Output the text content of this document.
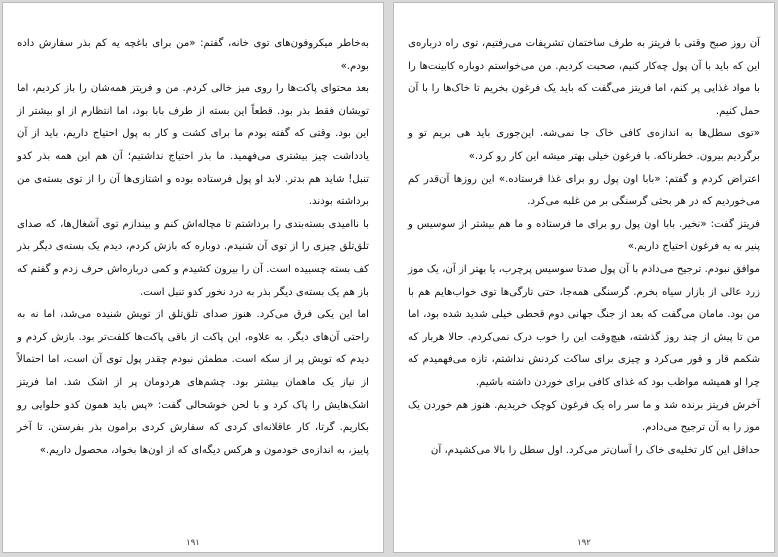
به‌خاطر میکروفون‌های توی خانه، گفتم: «من برای باغچه یه کم بذر سفارش داده بودم.»

بعد محتوای پاکت‌ها را روی میز خالی کردم. من و فریتز همه‌شان را باز کردیم، اما تویشان فقط بذر بود. قطعاً این بسته از طرف بابا بود، اما انتظارم از او بیشتر از این بود. وقتی که گفته بودم ما برای کشت و کار به پول احتیاج داریم، باید از آن یادداشت چیز بیشتری می‌فهمید. ما بذر احتیاج نداشتیم؛ آن هم این همه بذر کدو تنبل! شاید هم بدتر. لابد او پول فرستاده بوده و اشتازی‌ها آن را از توی بسته‌ی من برداشته بودند.

با ناامیدی بسته‌بندی را برداشتم تا مچاله‌اش کنم و بیندازم توی آشغال‌ها، که صدای تلق‌تلق چیزی را از توی آن شنیدم. دوباره که بازش کردم، دیدم یک بسته‌ی دیگر بذر کف بسته چسبیده است. آن را بیرون کشیدم و کمی درباره‌اش حرف زدم و گفتم که باز هم یک بسته‌ی دیگر بذر به درد نخور کدو تنبل است.

اما این یکی فرق می‌کرد. هنوز صدای تلق‌تلق از تویش شنیده می‌شد، اما نه به راحتی آن‌های دیگر. به علاوه، این پاکت از باقی پاکت‌ها کلفت‌تر بود. بازش کردم و دیدم که تویش پر از سکه است. مطمئن نبودم چقدر پول توی آن است، اما احتمالاً از نیاز یک ماهمان بیشتر بود. چشم‌های هردومان پر از اشک شد. اما فریتز اشک‌هایش را پاک کرد و با لحن خوشحالی گفت: «پس باید همون کدو حلوایی رو بکاریم. گرتا، کار عاقلانه‌ای کردی که سفارش کردی برامون بذر بفرستن. تا آخر پاییز، به اندازه‌ی خودمون و هرکس دیگه‌ای که از اون‌ها بخواد، محصول داریم.»

۱۹۱

آن روز صبح وقتی با فریتز به طرف ساختمان تشریفات می‌رفتیم، توی راه درباره‌ی این که باید با آن پول چه‌کار کنیم، صحبت کردیم. من می‌خواستم دوباره کابینت‌ها را با مواد غذایی پر کنم، اما فریتز می‌گفت که باید یک فرغون بخریم تا خاک‌ها را با آن حمل کنیم.

«توی سطل‌ها به اندازه‌ی کافی خاک جا نمی‌شه. این‌جوری باید هی بریم تو و برگردیم بیرون. خطرناکه. با فرغون خیلی بهتر میشه این کار رو کرد.»

اعتراض کردم و گفتم: «بابا اون پول رو برای غذا فرستاده.» این روزها آن‌قدر کم می‌خوردیم که در هر بحثی گرسنگی بر من غلبه می‌کرد.

فریتز گفت: «نخیر. بابا اون پول رو برای ما فرستاده و ما هم بیشتر از سوسیس و پنیر به یه فرغون احتیاج داریم.»

موافق نبودم. ترجیح می‌دادم با آن پول صدتا سوسیس پرچرب، یا بهتر از آن، یک موز زرد عالی از بازار سیاه بخرم. گرسنگی همه‌جا، حتی تارگی‌ها توی خواب‌هایم هم با من بود. مامان می‌گفت که بعد از جنگ جهانی دوم قحطی خیلی شدید شده بود، اما من تا پیش از چند روز گذشته، هیچ‌وقت این را خوب درک نمی‌کردم. حالا هربار که شکمم قار و قور می‌کرد و چیزی برای ساکت کردنش نداشتم، تازه می‌فهمیدم که چرا او همیشه مواظب بود که غذای کافی برای خوردن داشته باشیم.

آخرش فریتز برنده شد و ما سر راه یک فرغون کوچک خریدیم. هنوز هم خوردن یک موز را به آن ترجیح می‌دادم.

حداقل این کار تخلیه‌ی خاک را آسان‌تر می‌کرد. اول سطل را بالا می‌کشیدم، آن

۱۹۲
